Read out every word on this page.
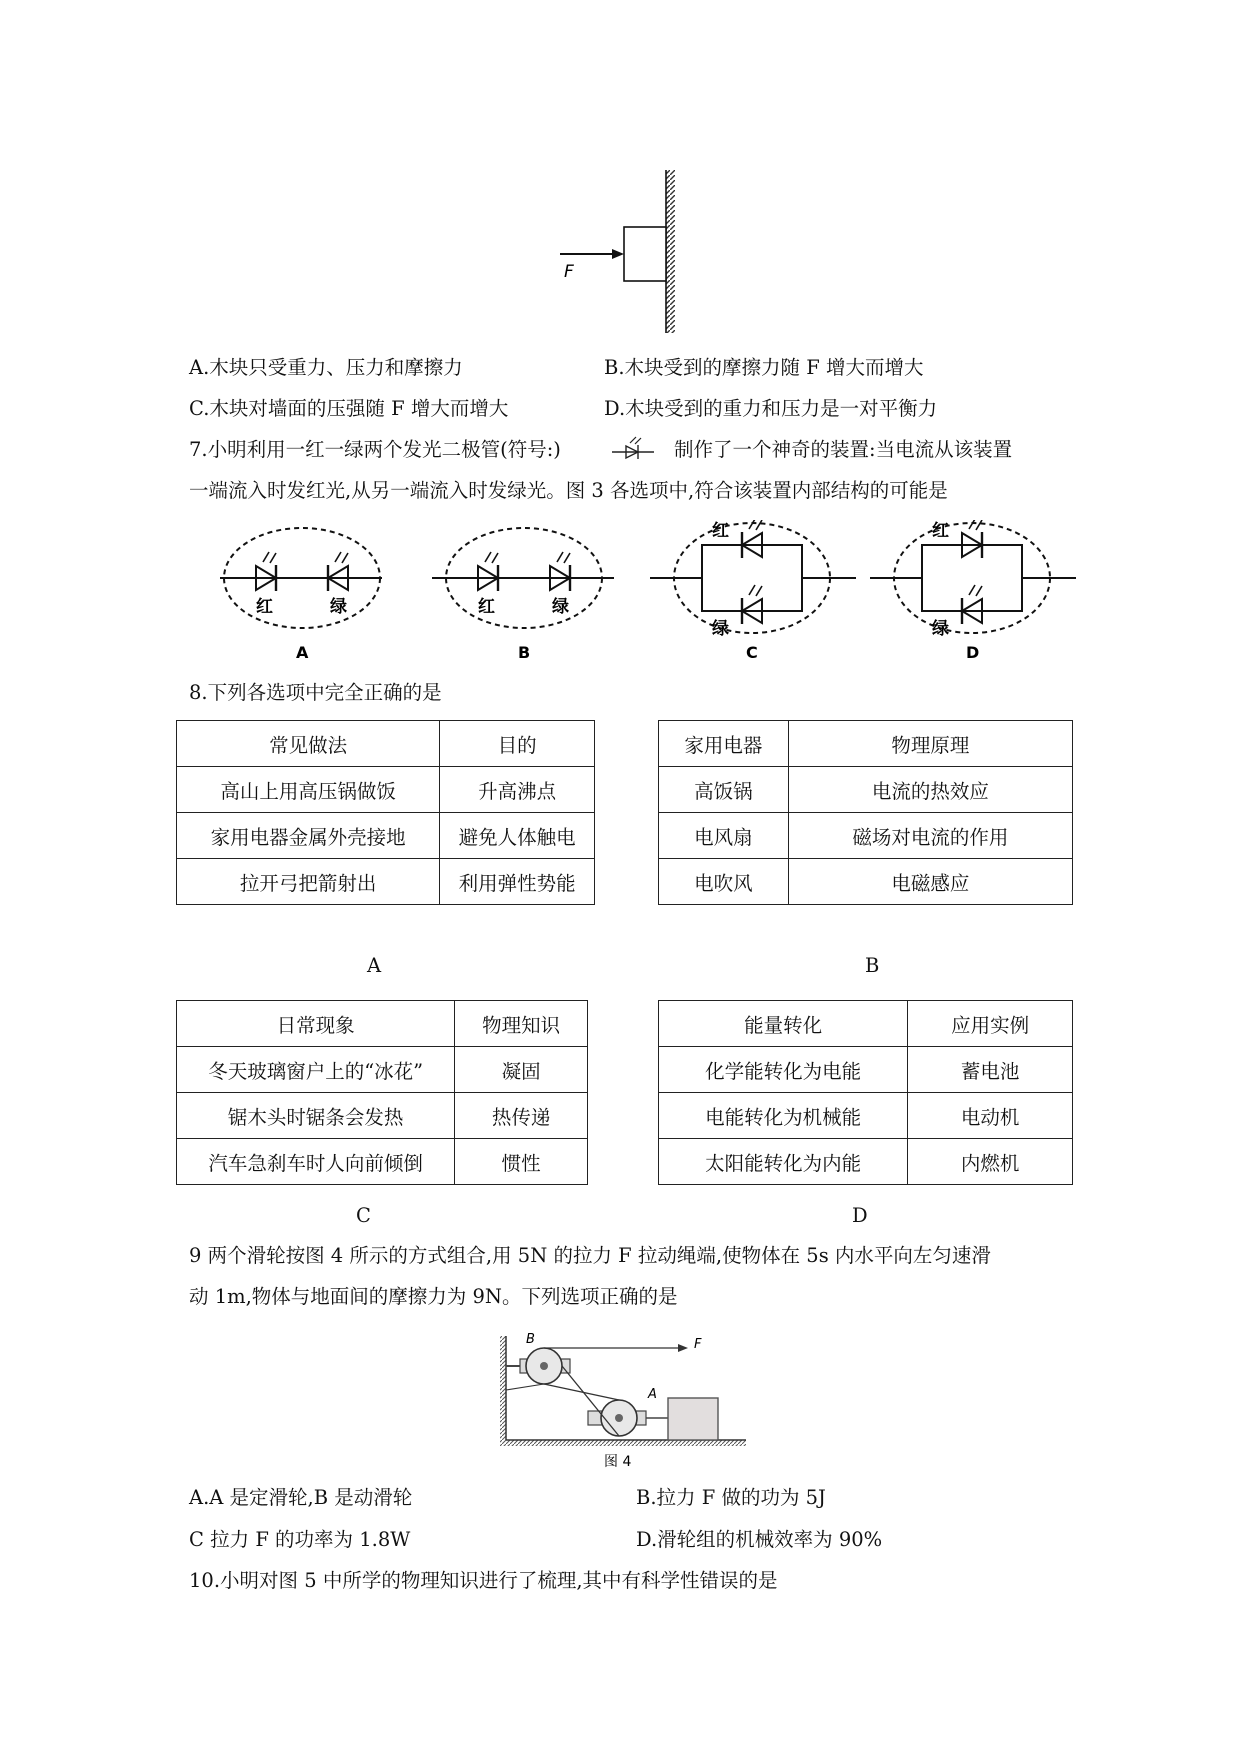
F
A.木块只受重力、压力和摩擦力	B.木块受到的摩擦力随 F 增大而增大
C.木块对墙面的压强随 F 增大而增大	D.木块受到的重力和压力是一对平衡力
7.小明利用一红一绿两个发光二极管(符号:)	制作了一个神奇的装置:当电流从该装置
一端流入时发红光,从另一端流入时发绿光。图 3 各选项中,符合该装置内部结构的可能是
红	绿
A
红	绿
B
红
绿
C
红
绿
D
8.下列各选项中完全正确的是
常见做法	目的
高山上用高压锅做饭	升高沸点
家用电器金属外壳接地	避免人体触电
拉开弓把箭射出	利用弹性势能
A
家用电器	物理原理
高饭锅	电流的热效应
电风扇	磁场对电流的作用
电吹风	电磁感应
B
日常现象	物理知识
冬天玻璃窗户上的“冰花”	凝固
锯木头时锯条会发热	热传递
汽车急刹车时人向前倾倒	惯性
C
能量转化	应用实例
化学能转化为电能	蓄电池
电能转化为机械能	电动机
太阳能转化为内能	内燃机
D
9 两个滑轮按图 4 所示的方式组合,用 5N 的拉力 F 拉动绳端,使物体在 5s 内水平向左匀速滑
动 1m,物体与地面间的摩擦力为 9N。下列选项正确的是
B
A
F
图 4
A.A 是定滑轮,B 是动滑轮	B.拉力 F 做的功为 5J
C 拉力 F 的功率为 1.8W	D.滑轮组的机械效率为 90%
10.小明对图 5 中所学的物理知识进行了梳理,其中有科学性错误的是
